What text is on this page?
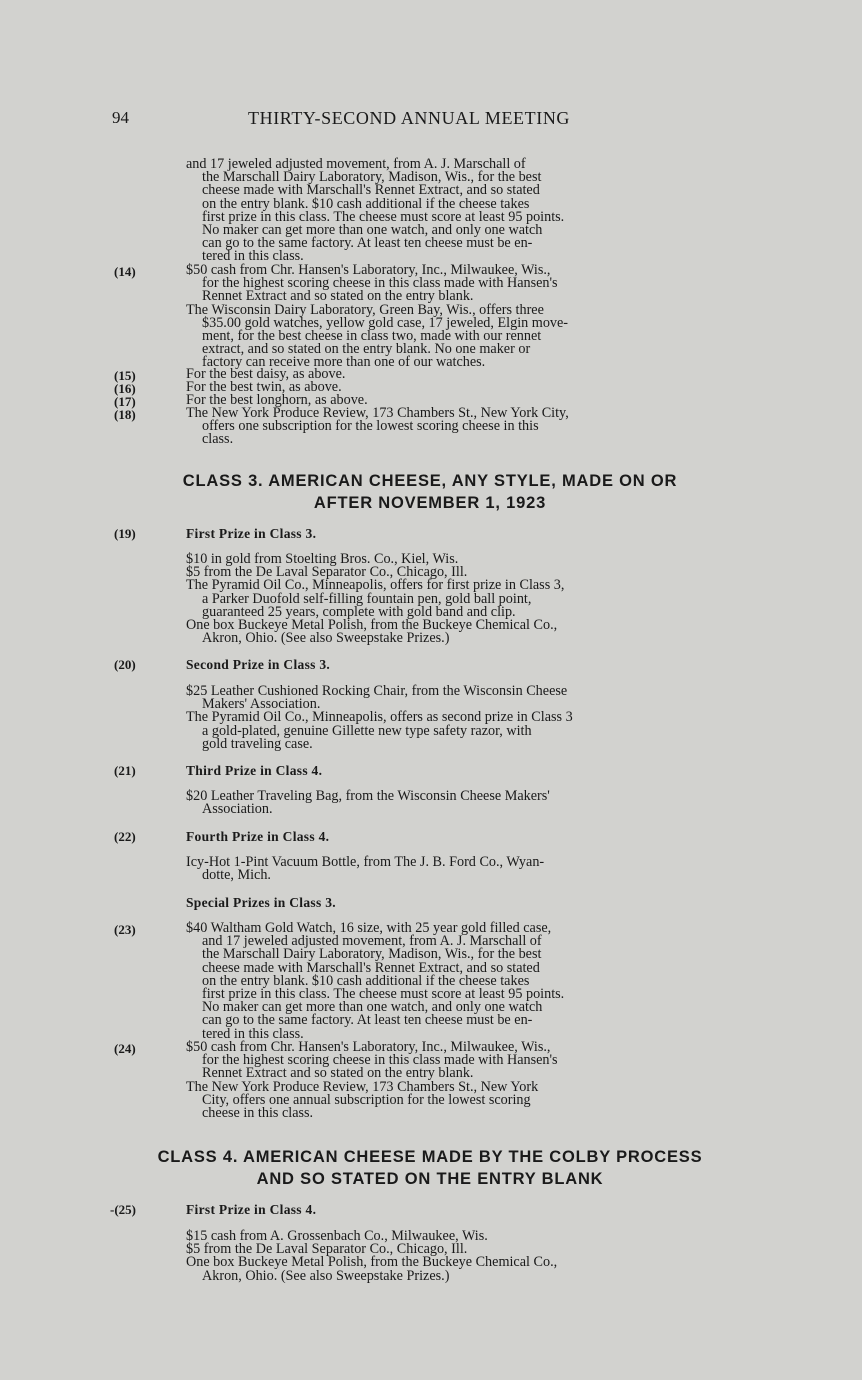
94	THIRTY-SECOND ANNUAL MEETING
and 17 jeweled adjusted movement, from A. J. Marschall of
the Marschall Dairy Laboratory, Madison, Wis., for the best
cheese made with Marschall's Rennet Extract, and so stated
on the entry blank. $10 cash additional if the cheese takes
first prize in this class. The cheese must score at least 95 points.
No maker can get more than one watch, and only one watch
can go to the same factory. At least ten cheese must be en-
tered in this class.
(14)	$50 cash from Chr. Hansen's Laboratory, Inc., Milwaukee, Wis.,
for the highest scoring cheese in this class made with Hansen's
Rennet Extract and so stated on the entry blank.
The Wisconsin Dairy Laboratory, Green Bay, Wis., offers three
$35.00 gold watches, yellow gold case, 17 jeweled, Elgin move-
ment, for the best cheese in class two, made with our rennet
extract, and so stated on the entry blank. No one maker or
factory can receive more than one of our watches.
(15)	For the best daisy, as above.
(16)	For the best twin, as above.
(17)	For the best longhorn, as above.
(18)	The New York Produce Review, 173 Chambers St., New York City,
offers one subscription for the lowest scoring cheese in this
class.
CLASS 3. AMERICAN CHEESE, ANY STYLE, MADE ON OR
AFTER NOVEMBER 1, 1923
(19)	First Prize in Class 3.
$10 in gold from Stoelting Bros. Co., Kiel, Wis.
$5 from the De Laval Separator Co., Chicago, Ill.
The Pyramid Oil Co., Minneapolis, offers for first prize in Class 3,
a Parker Duofold self-filling fountain pen, gold ball point,
guaranteed 25 years, complete with gold band and clip.
One box Buckeye Metal Polish, from the Buckeye Chemical Co.,
Akron, Ohio. (See also Sweepstake Prizes.)
(20)	Second Prize in Class 3.
$25 Leather Cushioned Rocking Chair, from the Wisconsin Cheese
Makers' Association.
The Pyramid Oil Co., Minneapolis, offers as second prize in Class 3
a gold-plated, genuine Gillette new type safety razor, with
gold traveling case.
(21)	Third Prize in Class 4.
$20 Leather Traveling Bag, from the Wisconsin Cheese Makers'
Association.
(22)	Fourth Prize in Class 4.
Icy-Hot 1-Pint Vacuum Bottle, from The J. B. Ford Co., Wyan-
dotte, Mich.
Special Prizes in Class 3.
(23)	$40 Waltham Gold Watch, 16 size, with 25 year gold filled case,
and 17 jeweled adjusted movement, from A. J. Marschall of
the Marschall Dairy Laboratory, Madison, Wis., for the best
cheese made with Marschall's Rennet Extract, and so stated
on the entry blank. $10 cash additional if the cheese takes
first prize in this class. The cheese must score at least 95 points.
No maker can get more than one watch, and only one watch
can go to the same factory. At least ten cheese must be en-
tered in this class.
(24)	$50 cash from Chr. Hansen's Laboratory, Inc., Milwaukee, Wis.,
for the highest scoring cheese in this class made with Hansen's
Rennet Extract and so stated on the entry blank.
The New York Produce Review, 173 Chambers St., New York
City, offers one annual subscription for the lowest scoring
cheese in this class.
CLASS 4. AMERICAN CHEESE MADE BY THE COLBY PROCESS
AND SO STATED ON THE ENTRY BLANK
-(25)	First Prize in Class 4.
$15 cash from A. Grossenbach Co., Milwaukee, Wis.
$5 from the De Laval Separator Co., Chicago, Ill.
One box Buckeye Metal Polish, from the Buckeye Chemical Co.,
Akron, Ohio. (See also Sweepstake Prizes.)
